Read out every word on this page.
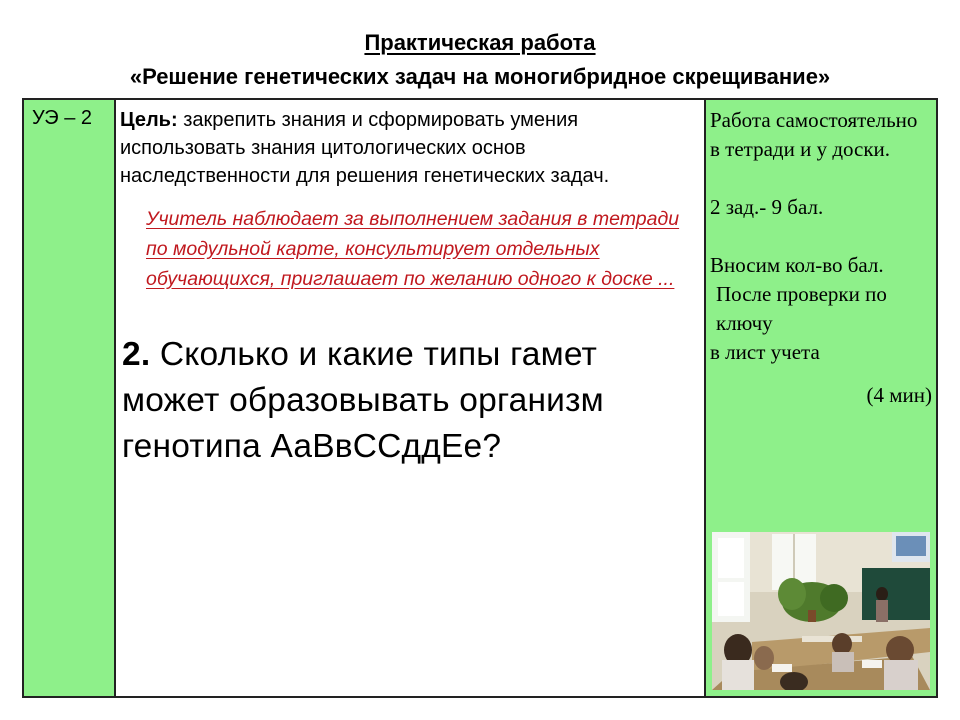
Практическая работа
«Решение генетических задач на моногибридное скрещивание»
УЭ – 2	Цель: закрепить знания и сформировать умения использовать знания цитологических основ наследственности для решения генетических задач.

Учитель наблюдает за выполнением задания в тетради по модульной карте, консультирует отдельных обучающихся, приглашает по желанию одного к доске ...
2. Сколько и какие типы гамет может образовывать организм генотипа АаВвССддЕе?

Работа самостоятельно в тетради и у доски.

2 зад.- 9 бал.

Вносим кол-во бал.

После проверки по ключу

в лист учета

(4 мин)
